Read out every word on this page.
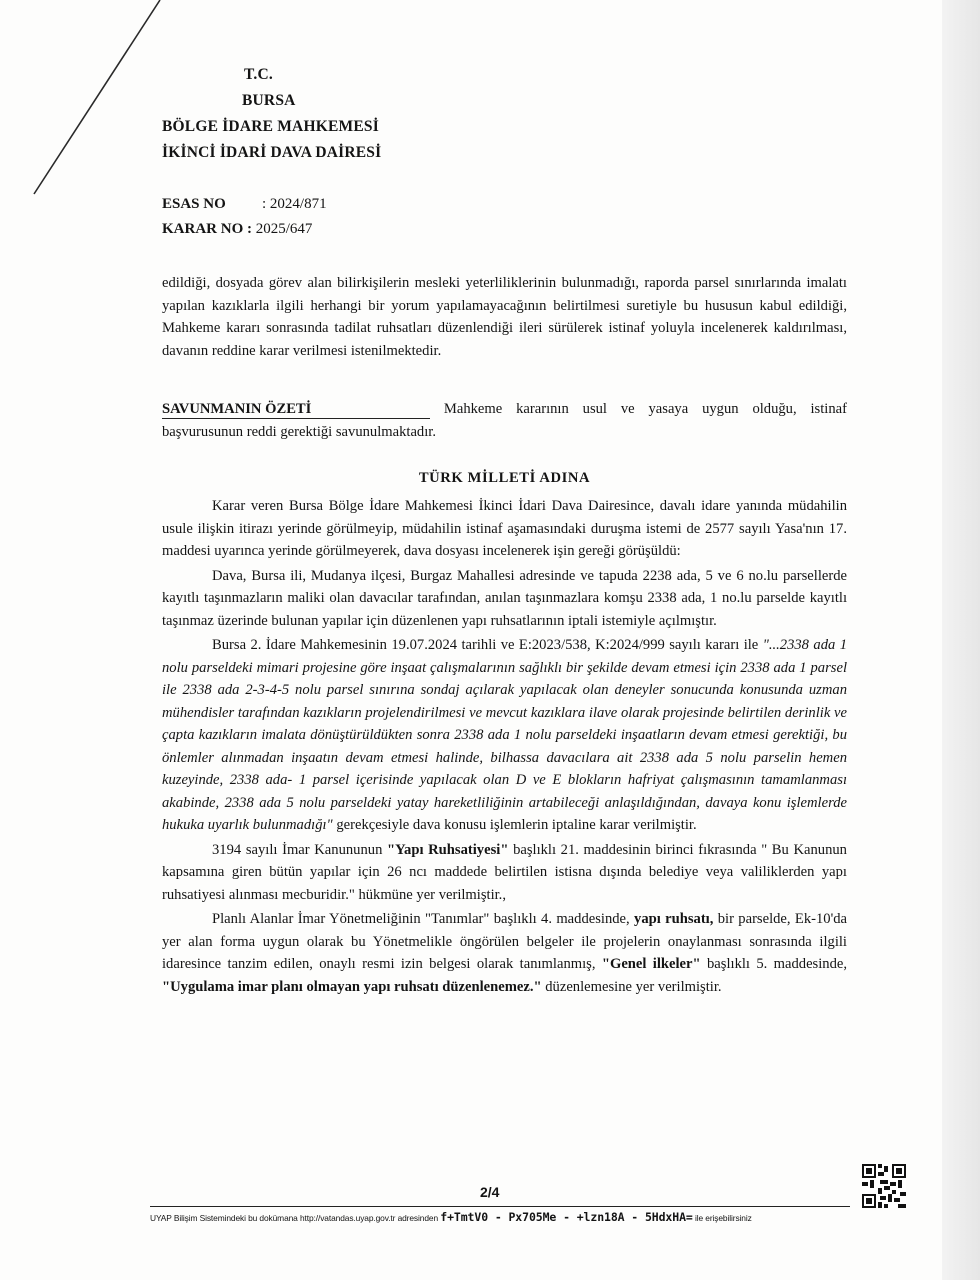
T.C.
BURSA
BÖLGE İDARE MAHKEMESİ
İKİNCİ İDARİ DAVA DAİRESİ
ESAS NO : 2024/871
KARAR NO : 2025/647

edildiği, dosyada görev alan bilirkişilerin mesleki yeterliliklerinin bulunmadığı, raporda parsel sınırlarında imalatı yapılan kazıklarla ilgili herhangi bir yorum yapılamayacağının belirtilmesi suretiyle bu hususun kabul edildiği, Mahkeme kararı sonrasında tadilat ruhsatları düzenlendiği ileri sürülerek istinaf yoluyla incelenerek kaldırılması, davanın reddine karar verilmesi istenilmektedir.

SAVUNMANIN ÖZETİ	Mahkeme kararının usul ve yasaya uygun olduğu, istinaf başvurusunun reddi gerektiği savunulmaktadır.

TÜRK MİLLETİ ADINA

Karar veren Bursa Bölge İdare Mahkemesi İkinci İdari Dava Dairesince, davalı idare yanında müdahilin usule ilişkin itirazı yerinde görülmeyip, müdahilin istinaf aşamasındaki duruşma istemi de 2577 sayılı Yasa'nın 17. maddesi uyarınca yerinde görülmeyerek, dava dosyası incelenerek işin gereği görüşüldü:

Dava, Bursa ili, Mudanya ilçesi, Burgaz Mahallesi adresinde ve tapuda 2238 ada, 5 ve 6 no.lu parsellerde kayıtlı taşınmazların maliki olan davacılar tarafından, anılan taşınmazlara komşu 2338 ada, 1 no.lu parselde kayıtlı taşınmaz üzerinde bulunan yapılar için düzenlenen yapı ruhsatlarının iptali istemiyle açılmıştır.

Bursa 2. İdare Mahkemesinin 19.07.2024 tarihli ve E:2023/538, K:2024/999 sayılı kararı ile "...2338 ada 1 nolu parseldeki mimari projesine göre inşaat çalışmalarının sağlıklı bir şekilde devam etmesi için 2338 ada 1 parsel ile 2338 ada 2-3-4-5 nolu parsel sınırına sondaj açılarak yapılacak olan deneyler sonucunda konusunda uzman mühendisler tarafından kazıkların projelendirilmesi ve mevcut kazıklara ilave olarak projesinde belirtilen derinlik ve çapta kazıkların imalata dönüştürüldükten sonra 2338 ada 1 nolu parseldeki inşaatların devam etmesi gerektiği, bu önlemler alınmadan inşaatın devam etmesi halinde, bilhassa davacılara ait 2338 ada 5 nolu parselin hemen kuzeyinde, 2338 ada- 1 parsel içerisinde yapılacak olan D ve E blokların hafriyat çalışmasının tamamlanması akabinde, 2338 ada 5 nolu parseldeki yatay hareketliliğinin artabileceği anlaşıldığından, davaya konu işlemlerde hukuka uyarlık bulunmadığı" gerekçesiyle dava konusu işlemlerin iptaline karar verilmiştir.

3194 sayılı İmar Kanununun "Yapı Ruhsatiyesi" başlıklı 21. maddesinin birinci fıkrasında " Bu Kanunun kapsamına giren bütün yapılar için 26 ncı maddede belirtilen istisna dışında belediye veya valiliklerden yapı ruhsatiyesi alınması mecburidir." hükmüne yer verilmiştir.,

Planlı Alanlar İmar Yönetmeliğinin "Tanımlar" başlıklı 4. maddesinde, yapı ruhsatı, bir parselde, Ek-10'da yer alan forma uygun olarak bu Yönetmelikle öngörülen belgeler ile projelerin onaylanması sonrasında ilgili idaresince tanzim edilen, onaylı resmi izin belgesi olarak tanımlanmış, "Genel ilkeler" başlıklı 5. maddesinde, "Uygulama imar planı olmayan yapı ruhsatı düzenlenemez." düzenlemesine yer verilmiştir.

2/4
UYAP Bilişim Sistemindeki bu dokümana http://vatandas.uyap.gov.tr adresinden f+TmtV0 - Px705Me - +lzn18A - 5HdxHA= ile erişebilirsiniz
